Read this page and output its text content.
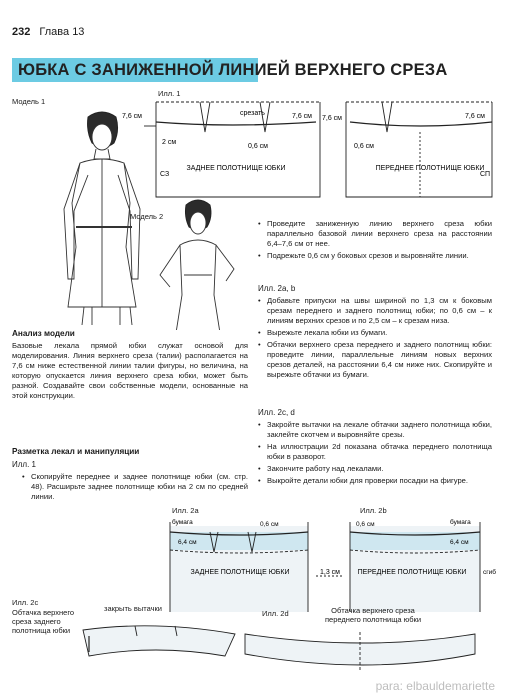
232 Глава 13
ЮБКА С ЗАНИЖЕННОЙ ЛИНИЕЙ ВЕРХНЕГО СРЕЗА
Модель 1
Модель 2
Илл. 1
7,6 см	7,6 см
срезать
7,6 см	7,6 см
2 см
0,6 см	0,6 см
ЗАДНЕЕ ПОЛОТНИЩЕ ЮБКИ	ПЕРЕДНЕЕ ПОЛОТНИЩЕ ЮБКИ
СЗ	СП
• Проведите заниженную линию верхнего среза юбки параллельно базовой линии верхнего среза на расстоянии 6,4–7,6 см от нее.
• Подрежьте 0,6 см у боковых срезов и выровняйте линии.
Илл. 2a, b
• Добавьте припуски на швы шириной по 1,3 см к боковым срезам переднего и заднего полотнищ юбки; по 0,6 см – к линиям верхних срезов и по 2,5 см – к срезам низа.
• Вырежьте лекала юбки из бумаги.
• Обтачки верхнего среза переднего и заднего полотнищ юбки: проведите линии, параллельные линиям новых верхних срезов деталей, на расстоянии 6,4 см ниже них. Скопируйте и вырежьте обтачки из бумаги.
Илл. 2c, d
• Закройте вытачки на лекале обтачки заднего полотнища юбки, заклейте скотчем и выровняйте срезы.
• На иллюстрации 2d показана обтачка переднего полотнища юбки в разворот.
• Закончите работу над лекалами.
• Выкройте детали юбки для проверки посадки на фигуре.
Анализ модели
Базовые лекала прямой юбки служат основой для моделирования. Линия верхнего среза (талии) располагается на 7,6 см ниже естественной линии талии фигуры, но величина, на которую опускается линия верхнего среза юбки, может быть разной. Создавайте свои собственные модели, основанные на этой конструкции.
Разметка лекал и манипуляции
Илл. 1
• Скопируйте переднее и заднее полотнище юбки (см. стр. 48). Расширьте заднее полотнище юбки на 2 см по средней линии.
Илл. 2a	Илл. 2b
бумага	0,6 см
6,4 см
ЗАДНЕЕ ПОЛОТНИЩЕ ЮБКИ
бумага
0,6 см
6,4 см
ПЕРЕДНЕЕ ПОЛОТНИЩЕ ЮБКИ	сгиб
1,3 см
Илл. 2c
Обтачка верхнего среза заднего полотнища юбки
закрыть вытачки
Илл. 2d	Обтачка верхнего среза переднего полотнища юбки
para: elbauldemariette
